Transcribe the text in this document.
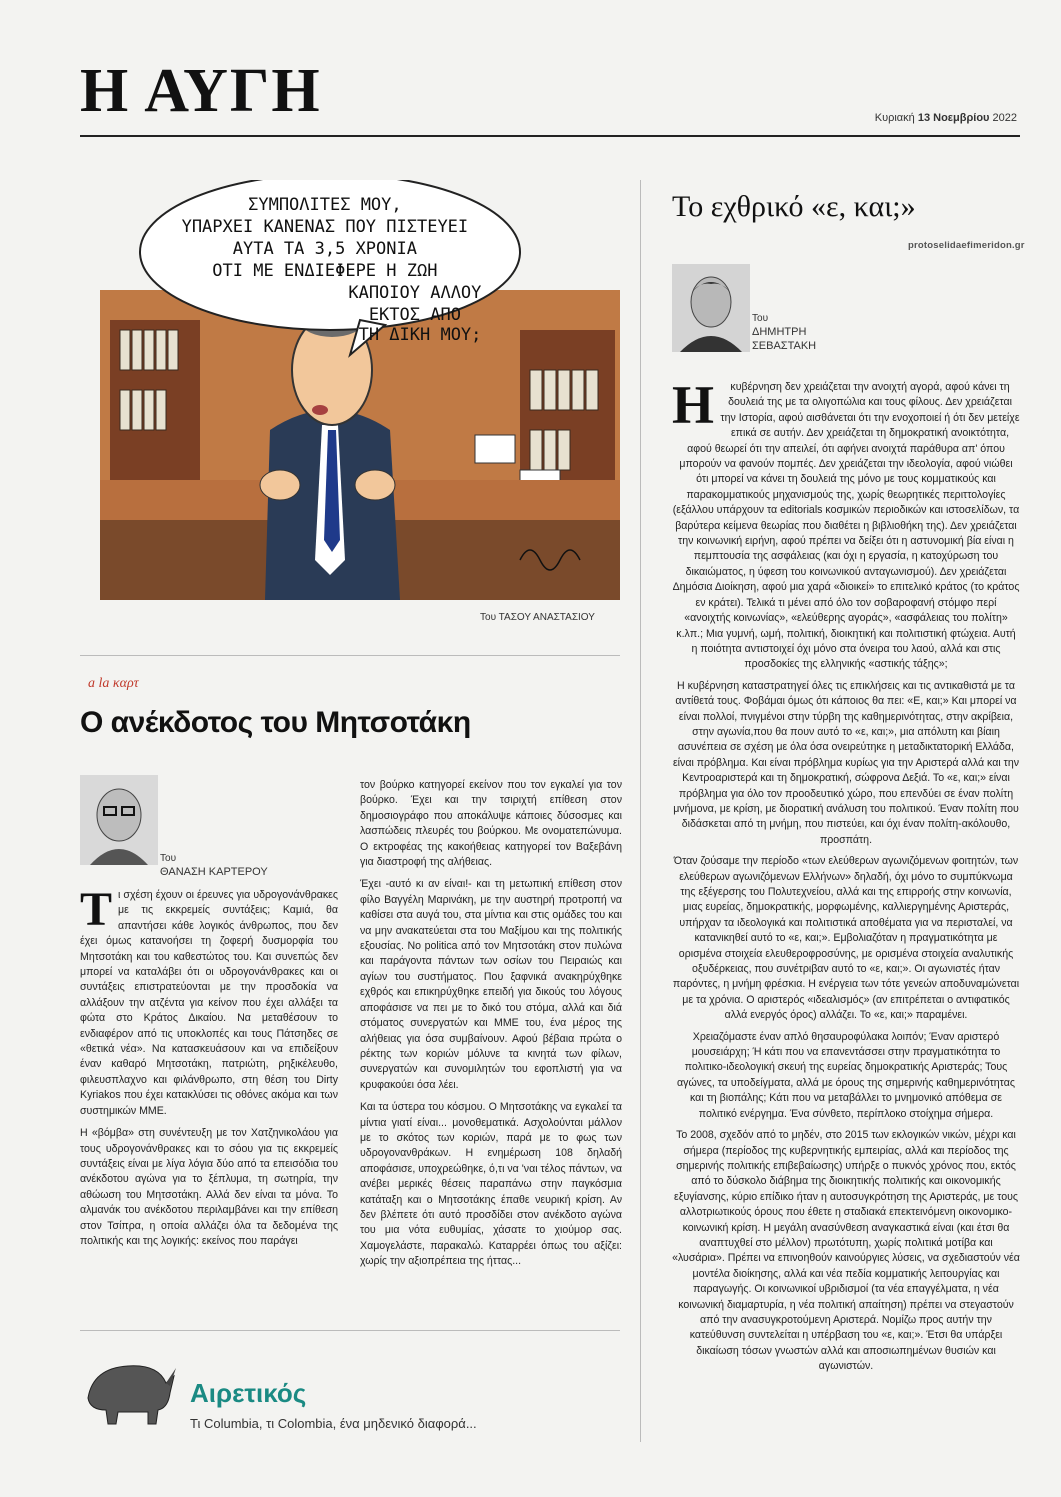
Η ΑΥΓΗ	Κυριακή 13 Νοεμβρίου 2022
ΣΥΜΠΟΛΙΤΕΣ ΜΟΥ, ΥΠΑΡΧΕΙ ΚΑΝΕΝΑΣ ΠΟΥ ΠΙΣΤΕΥΕΙ ΑΥΤΑ ΤΑ 3,5 ΧΡΟΝΙΑ ΟΤΙ ΜΕ ΕΝΔΙΕΦΕΡΕ Η ΖΩΗ ΚΑΠΟΙΟΥ ΑΛΛΟΥ ΕΚΤΟΣ ΑΠΟ ΤΗ ΔΙΚΗ ΜΟΥ;
Του ΤΑΣΟΥ ΑΝΑΣΤΑΣΙΟΥ
a la καρτ
Ο ανέκδοτος του Μητσοτάκη
Του
ΘΑΝΑΣΗ ΚΑΡΤΕΡΟΥ

Τι σχέση έχουν οι έρευνες για υδρογονάνθρακες με τις εκκρεμείς συντάξεις; Καμιά, θα απαντήσει κάθε λογικός άνθρωπος, που δεν έχει όμως κατανοήσει τη ζοφερή δυσμορφία του Μητσοτάκη και του καθεστώτος του. Και συνεπώς δεν μπορεί να καταλάβει ότι οι υδρογονάνθρακες και οι συντάξεις επιστρατεύονται με την προσδοκία να αλλάξουν την ατζέντα για κείνον που έχει αλλάξει τα φώτα στο Κράτος Δικαίου. Να μεταθέσουν το ενδιαφέρον από τις υποκλοπές και τους Πάτσηδες σε «θετικά νέα». Να κατασκευάσουν και να επιδείξουν έναν καθαρό Μητσοτάκη, πατριώτη, ρηξικέλευθο, φιλευσπλαχνο και φιλάνθρωπο, στη θέση του Dirty Kyriakos που έχει κατακλύσει τις οθόνες ακόμα και των συστημικών ΜΜΕ.

Η «βόμβα» στη συνέντευξη με τον Χατζηνικολάου για τους υδρογονάνθρακες και το σόου για τις εκκρεμείς συντάξεις είναι με λίγα λόγια δύο από τα επεισόδια του ανέκδοτου αγώνα για το ξέπλυμα, τη σωτηρία, την αθώωση του Μητσοτάκη. Αλλά δεν είναι τα μόνα. Το αλμανάκ του ανέκδοτου περιλαμβάνει και την επίθεση στον Τσίπρα, η οποία αλλάζει όλα τα δεδομένα της πολιτικής και της λογικής: εκείνος που παράγει

τον βούρκο κατηγορεί εκείνον που τον εγκαλεί για τον βούρκο. Έχει και την τσιριχτή επίθεση στον δημοσιογράφο που αποκάλυψε κάποιες δύσοσμες και λασπώδεις πλευρές του βούρκου. Με ονοματεπώνυμα. Ο εκτροφέας της κακοήθειας κατηγορεί τον Βαξεβάνη για διαστροφή της αλήθειας.

Έχει -αυτό κι αν είναι!- και τη μετωπική επίθεση στον φίλο Βαγγέλη Μαρινάκη, με την αυστηρή προτροπή να καθίσει στα αυγά του, στα μίντια και στις ομάδες του και να μην ανακατεύεται στα του Μαξίμου και της πολιτικής εξουσίας. No politica από τον Μητσοτάκη στον πυλώνα και παράγοντα πάντων των οσίων του Πειραιώς και αγίων του συστήματος. Που ξαφνικά ανακηρύχθηκε εχθρός και επικηρύχθηκε επειδή για δικούς του λόγους αποφάσισε να πει με το δικό του στόμα, αλλά και διά στόματος συνεργατών και ΜΜΕ του, ένα μέρος της αλήθειας για όσα συμβαίνουν. Αφού βέβαια πρώτα ο ρέκτης των κοριών μόλυνε τα κινητά των φίλων, συνεργατών και συνομιλητών του εφοπλιστή για να κρυφακούει όσα λέει.

Και τα ύστερα του κόσμου. Ο Μητσοτάκης να εγκαλεί τα μίντια γιατί είναι... μονοθεματικά. Ασχολούνται μάλλον με το σκότος των κοριών, παρά με το φως των υδρογονανθράκων. Η ενημέρωση 108 δηλαδή αποφάσισε, υποχρεώθηκε, ό,τι να 'ναι τέλος πάντων, να ανέβει μερικές θέσεις παραπάνω στην παγκόσμια κατάταξη και ο Μητσοτάκης έπαθε νευρική κρίση. Αν δεν βλέπετε ότι αυτό προσδίδει στον ανέκδοτο αγώνα του μια νότα ευθυμίας, χάσατε το χιούμορ σας. Χαμογελάστε, παρακαλώ. Καταρρέει όπως του αξίζει: χωρίς την αξιοπρέπεια της ήττας...

Αιρετικός
Τι Columbia, τι Colombia, ένα μηδενικό διαφορά...
Το εχθρικό «ε, και;»
protoselidaefimeridon.gr
Του
ΔΗΜΗΤΡΗ
ΣΕΒΑΣΤΑΚΗ

Η κυβέρνηση δεν χρειάζεται την ανοιχτή αγορά, αφού κάνει τη δουλειά της με τα ολιγοπώλια και τους φίλους. Δεν χρειάζεται την Ιστορία, αφού αισθάνεται ότι την ενοχοποιεί ή ότι δεν μετείχε επικά σε αυτήν. Δεν χρειάζεται τη δημοκρατική ανοικτότητα, αφού θεωρεί ότι την απειλεί, ότι αφήνει ανοιχτά παράθυρα απ' όπου μπορούν να φανούν πομπές. Δεν χρειάζεται την ιδεολογία, αφού νιώθει ότι μπορεί να κάνει τη δουλειά της μόνο με τους κομματικούς και παρακομματικούς μηχανισμούς της, χωρίς θεωρητικές περιττολογίες (εξάλλου υπάρχουν τα editorials κοσμικών περιοδικών και ιστοσελίδων, τα βαρύτερα κείμενα θεωρίας που διαθέτει η βιβλιοθήκη της). Δεν χρειάζεται την κοινωνική ειρήνη, αφού πρέπει να δείξει ότι η αστυνομική βία είναι η πεμπτουσία της ασφάλειας (και όχι η εργασία, η κατοχύρωση του δικαιώματος, η ύφεση του κοινωνικού ανταγωνισμού). Δεν χρειάζεται Δημόσια Διοίκηση, αφού μια χαρά «διοικεί» το επιτελικό κράτος (το κράτος εν κράτει). Τελικά τι μένει από όλο τον σοβαροφανή στόμφο περί «ανοιχτής κοινωνίας», «ελεύθερης αγοράς», «ασφάλειας του πολίτη» κ.λπ.; Μια γυμνή, ωμή, πολιτική, διοικητική και πολιτιστική φτώχεια. Αυτή η ποιότητα αντιστοιχεί όχι μόνο στα όνειρα του λαού, αλλά και στις προσδοκίες της ελληνικής «αστικής τάξης»;

Η κυβέρνηση καταστρατηγεί όλες τις επικλήσεις και τις αντικαθιστά με τα αντίθετά τους. Φοβάμαι όμως ότι κάποιος θα πει: «Ε, και;» Και μπορεί να είναι πολλοί, πνιγμένοι στην τύρβη της καθημερινότητας, στην ακρίβεια, στην αγωνία,που θα πουν αυτό το «ε, και;», μια απόλυτη και βίαιη ασυνέπεια σε σχέση με όλα όσα ονειρεύτηκε η μεταδικτατορική Ελλάδα, είναι πρόβλημα. Και είναι πρόβλημα κυρίως για την Αριστερά αλλά και την Κεντροαριστερά και τη δημοκρατική, σώφρονα Δεξιά. Το «ε, και;» είναι πρόβλημα για όλο τον προοδευτικό χώρο, που επενδύει σε έναν πολίτη μνήμονα, με κρίση, με διορατική ανάλυση του πολιτικού. Έναν πολίτη που διδάσκεται από τη μνήμη, που πιστεύει, και όχι έναν πολίτη-ακόλουθο, προσπάτη.

Όταν ζούσαμε την περίοδο «των ελεύθερων αγωνιζόμενων φοιτητών, των ελεύθερων αγωνιζόμενων Ελλήνων» δηλαδή, όχι μόνο το συμπύκνωμα της εξέγερσης του Πολυτεχνείου, αλλά και της επιρροής στην κοινωνία, μιας ευρείας, δημοκρατικής, μορφωμένης, καλλιεργημένης Αριστεράς, υπήρχαν τα ιδεολογικά και πολιτιστικά αποθέματα για να περισταλεί, να κατανικηθεί αυτό το «ε, και;». Εμβολιαζόταν η πραγματικότητα με ορισμένα στοιχεία ελευθεροφροσύνης, με ορισμένα στοιχεία αναλυτικής οξυδέρκειας, που συνέτριβαν αυτό το «ε, και;». Οι αγωνιστές ήταν παρόντες, η μνήμη φρέσκια. Η ενέργεια των τότε γενεών αποδυναμώνεται με τα χρόνια. Ο αριστερός «ιδεαλισμός» (αν επιτρέπεται ο αντιφατικός αλλά ενεργός όρος) αλλάζει. Το «ε, και;» παραμένει.

Χρειαζόμαστε έναν απλό θησαυροφύλακα λοιπόν; Έναν αριστερό μουσειάρχη; Ή κάτι που να επανεντάσσει στην πραγματικότητα το πολιτικο-ιδεολογική σκευή της ευρείας δημοκρατικής Αριστεράς; Τους αγώνες, τα υποδείγματα, αλλά με όρους της σημερινής καθημερινότητας και τη βιοπάλης; Κάτι που να μεταβάλλει το μνημονικό απόθεμα σε πολιτικό ενέργημα. Ένα σύνθετο, περίπλοκο στοίχημα σήμερα.

Το 2008, σχεδόν από το μηδέν, στο 2015 των εκλογικών νικών, μέχρι και σήμερα (περίοδος της κυβερνητικής εμπειρίας, αλλά και περίοδος της σημερινής πολιτικής επιβεβαίωσης) υπήρξε ο πυκνός χρόνος που, εκτός από το δύσκολο διάβημα της διοικητικής πολιτικής και οικονομικής εξυγίανσης, κύριο επίδικο ήταν η αυτοσυγκρότηση της Αριστεράς, με τους αλλοτριωτικούς όρους που έθετε η σταδιακά επεκτεινόμενη οικονομικο-κοινωνική κρίση. Η μεγάλη ανασύνθεση αναγκαστικά είναι (και έτσι θα αναπτυχθεί στο μέλλον) πρωτότυπη, χωρίς πολιτικά μοτίβα και «λυσάρια». Πρέπει να επινοηθούν καινούργιες λύσεις, να σχεδιαστούν νέα μοντέλα διοίκησης, αλλά και νέα πεδία κομματικής λειτουργίας και παραγωγής. Οι κοινωνικοί υβριδισμοί (τα νέα επαγγέλματα, η νέα κοινωνική διαμαρτυρία, η νέα πολιτική απαίτηση) πρέπει να στεγαστούν από την ανασυγκροτούμενη Αριστερά. Νομίζω προς αυτήν την κατεύθυνση συντελείται η υπέρβαση του «ε, και;». Έτσι θα υπάρξει δικαίωση τόσων γνωστών αλλά και αποσιωπημένων θυσιών και αγωνιστών.
